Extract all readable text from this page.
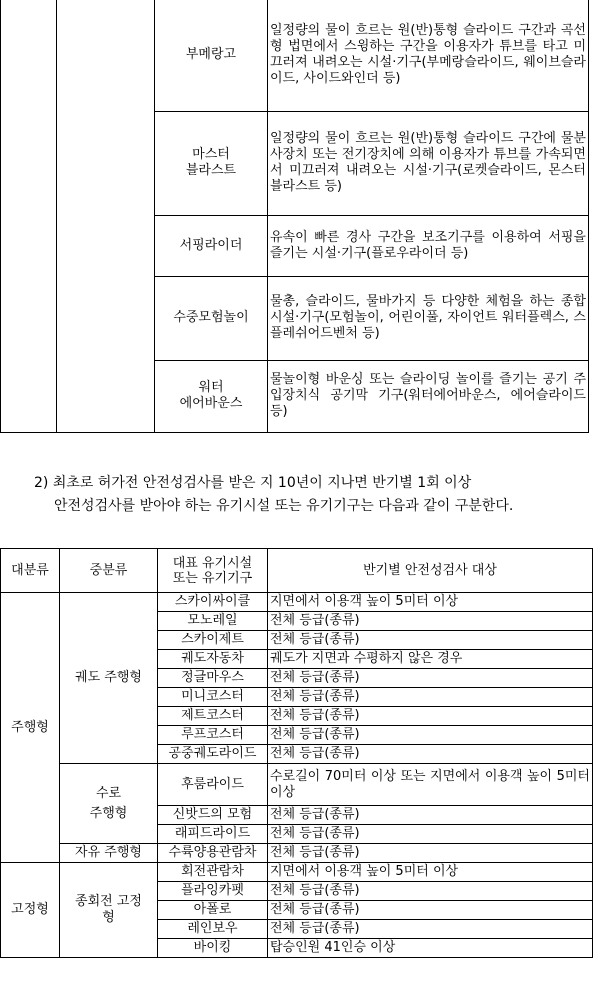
		부메랑고	일정량의 물이 흐르는 원(반)통형 슬라이드 구간과 곡선형 법면에서 스윙하는 구간을 이용자가 튜브를 타고 미끄러져 내려오는 시설·기구(부메랑슬라이드, 웨이브슬라이드, 사이드와인더 등)
		마스터
블라스트	일정량의 물이 흐르는 원(반)통형 슬라이드 구간에 물분사장치 또는 전기장치에 의해 이용자가 튜브를 가속되면서 미끄러져 내려오는 시설·기구(로켓슬라이드, 몬스터블라스트 등)
		서핑라이더	유속이 빠른 경사 구간을 보조기구를 이용하여 서핑을 즐기는 시설·기구(플로우라이더 등)
		수중모험놀이	물총, 슬라이드, 물바가지 등 다양한 체험을 하는 종합 시설·기구(모험놀이, 어린이풀, 자이언트 워터플렉스, 스플레쉬어드벤처 등)
		워터
에어바운스	물놀이형 바운싱 또는 슬라이딩 놀이를 즐기는 공기 주입장치식 공기막 기구(워터에어바운스, 에어슬라이드 등)
2) 최초로 허가전 안전성검사를 받은 지 10년이 지나면 반기별 1회 이상
안전성검사를 받아야 하는 유기시설 또는 유기기구는 다음과 같이 구분한다.
대분류	중분류	대표 유기시설
또는 유기기구	반기별 안전성검사 대상
주행형	궤도 주행형	스카이싸이클	지면에서 이용객 높이 5미터 이상
		모노레일	전체 등급(종류)
		스카이제트	전체 등급(종류)
		궤도자동차	궤도가 지면과 수평하지 않은 경우
		정글마우스	전체 등급(종류)
		미니코스터	전체 등급(종류)
		제트코스터	전체 등급(종류)
		루프코스터	전체 등급(종류)
		공중궤도라이드	전체 등급(종류)
	수로
주행형	후룸라이드	수로길이 70미터 이상 또는 지면에서 이용객 높이 5미터 이상
		신밧드의 모험	전체 등급(종류)
		래피드라이드	전체 등급(종류)
	자유 주행형	수륙양용관람차	전체 등급(종류)
고정형	종회전 고정
형	회전관람차	지면에서 이용객 높이 5미터 이상
		플라잉카펫	전체 등급(종류)
		아폴로	전체 등급(종류)
		레인보우	전체 등급(종류)
		바이킹	탑승인원 41인승 이상
